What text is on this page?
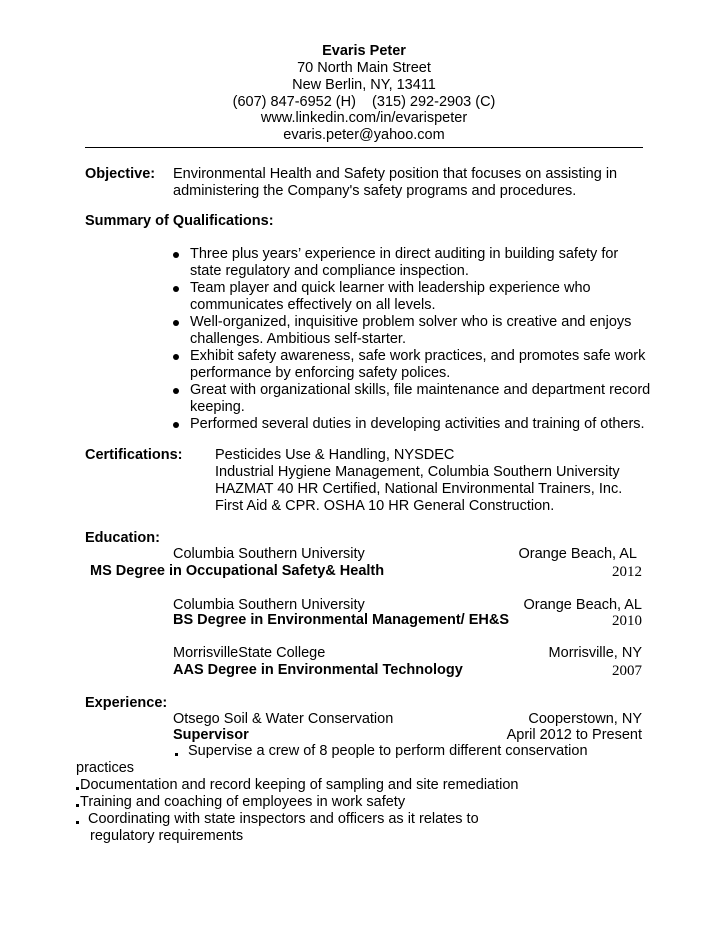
Evaris Peter
70 North Main Street
New Berlin, NY, 13411
(607) 847-6952 (H)    (315) 292-2903 (C)
www.linkedin.com/in/evarispeter
evaris.peter@yahoo.com
Objective: Environmental Health and Safety position that focuses on assisting in
administering the Company's safety programs and procedures.
Summary of Qualifications:
Three plus years’ experience in direct auditing in building safety for
state regulatory and compliance inspection.
Team player and quick learner with leadership experience who
communicates effectively on all levels.
Well-organized, inquisitive problem solver who is creative and enjoys
challenges. Ambitious self-starter.
Exhibit safety awareness, safe work practices, and promotes safe work
performance by enforcing safety polices.
Great with organizational skills, file maintenance and department record
keeping.
Performed several duties in developing activities and training of others.
Certifications: Pesticides Use & Handling, NYSDEC
Industrial Hygiene Management, Columbia Southern University
HAZMAT 40 HR Certified, National Environmental Trainers, Inc.
First Aid & CPR. OSHA 10 HR General Construction.
Education:
Columbia Southern University	Orange Beach, AL
MS Degree in Occupational Safety& Health	2012
Columbia Southern University	Orange Beach, AL
BS Degree in Environmental Management/ EH&S	2010
MorrisvilleState College	Morrisville, NY
AAS Degree in Environmental Technology	2007
Experience:
Otsego Soil & Water Conservation	Cooperstown, NY
Supervisor	April 2012 to Present
Supervise a crew of 8 people to perform different conservation
practices
Documentation and record keeping of sampling and site remediation
Training and coaching of employees in work safety
Coordinating with state inspectors and officers as it relates to
regulatory requirements
